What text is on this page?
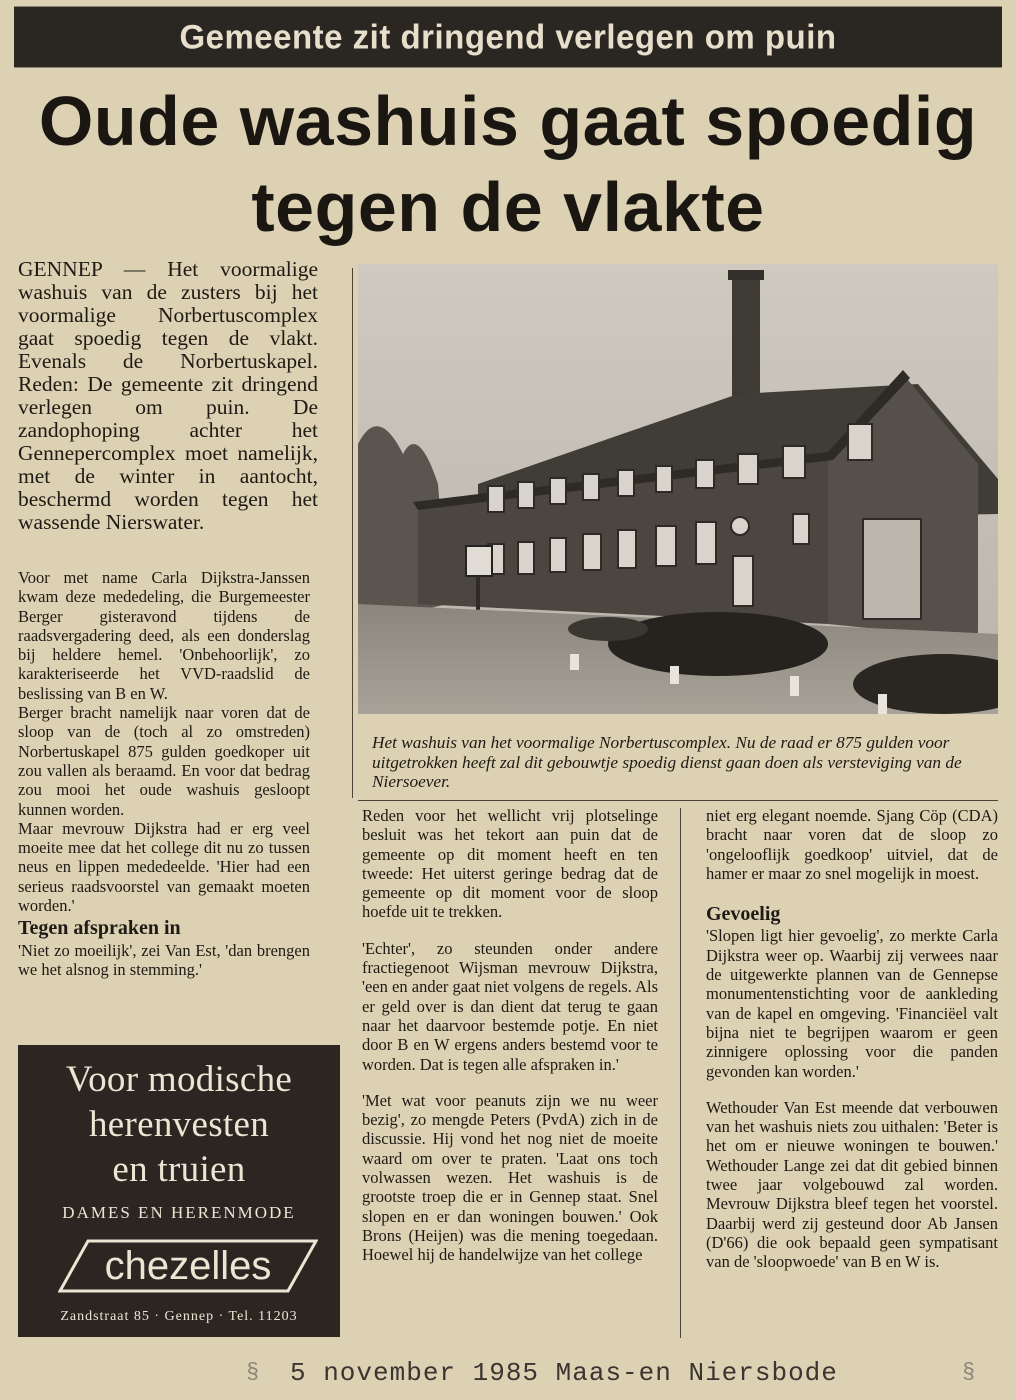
Gemeente zit dringend verlegen om puin
Oude washuis gaat spoedig
tegen de vlakte
GENNEP — Het voormalige washuis van de zusters bij het voormalige Norbertuscomplex gaat spoedig tegen de vlakt. Evenals de Norbertuskapel. Reden: De gemeente zit dringend verlegen om puin. De zandophoping achter het Gennepercomplex moet namelijk, met de winter in aantocht, beschermd worden tegen het wassende Nierswater.

Voor met name Carla Dijkstra-Janssen kwam deze mededeling, die Burgemeester Berger gisteravond tijdens de raadsvergadering deed, als een donderslag bij heldere hemel. 'Onbehoorlijk', zo karakteriseerde het VVD-raadslid de beslissing van B en W.

Berger bracht namelijk naar voren dat de sloop van de (toch al zo omstreden) Norbertuskapel 875 gulden goedkoper uit zou vallen als beraamd. En voor dat bedrag zou mooi het oude washuis gesloopt kunnen worden.

Maar mevrouw Dijkstra had er erg veel moeite mee dat het college dit nu zo tussen neus en lippen mededeelde. 'Hier had een serieus raadsvoorstel van gemaakt moeten worden.'

Tegen afspraken in

'Niet zo moeilijk', zei Van Est, 'dan brengen we het alsnog in stemming.'

Het washuis van het voormalige Norbertuscomplex. Nu de raad er 875 gulden voor uitgetrokken heeft zal dit gebouwtje spoedig dienst gaan doen als versteviging van de Niersoever.

Reden voor het wellicht vrij plotselinge besluit was het tekort aan puin dat de gemeente op dit moment heeft en ten tweede: Het uiterst geringe bedrag dat de gemeente op dit moment voor de sloop hoefde uit te trekken.

'Echter', zo steunden onder andere fractiegenoot Wijsman mevrouw Dijkstra, 'een en ander gaat niet volgens de regels. Als er geld over is dan dient dat terug te gaan naar het daarvoor bestemde potje. En niet door B en W ergens anders bestemd voor te worden. Dat is tegen alle afspraken in.'

'Met wat voor peanuts zijn we nu weer bezig', zo mengde Peters (PvdA) zich in de discussie. Hij vond het nog niet de moeite waard om over te praten. 'Laat ons toch volwassen wezen. Het washuis is de grootste troep die er in Gennep staat. Snel slopen en er dan woningen bouwen.' Ook Brons (Heijen) was die mening toegedaan. Hoewel hij de handelwijze van het college

niet erg elegant noemde. Sjang Cöp (CDA) bracht naar voren dat de sloop zo 'ongelooflijk goedkoop' uitviel, dat de hamer er maar zo snel mogelijk in moest.

Gevoelig

'Slopen ligt hier gevoelig', zo merkte Carla Dijkstra weer op. Waarbij zij verwees naar de uitgewerkte plannen van de Gennepse monumentenstichting voor de aankleding van de kapel en omgeving. 'Financiëel valt bijna niet te begrijpen waarom er geen zinnigere oplossing voor die panden gevonden kan worden.'

Wethouder Van Est meende dat verbouwen van het washuis niets zou uithalen: 'Beter is het om er nieuwe woningen te bouwen.' Wethouder Lange zei dat dit gebied binnen twee jaar volgebouwd zal worden. Mevrouw Dijkstra bleef tegen het voorstel. Daarbij werd zij gesteund door Ab Jansen (D'66) die ook bepaald geen sympatisant van de 'sloopwoede' van B en W is.

Voor modische
herenvesten
en truien
DAMES EN HERENMODE
chezelles
Zandstraat 85 · Gennep · Tel. 11203
§	§
5 november 1985 Maas-en Niersbode
